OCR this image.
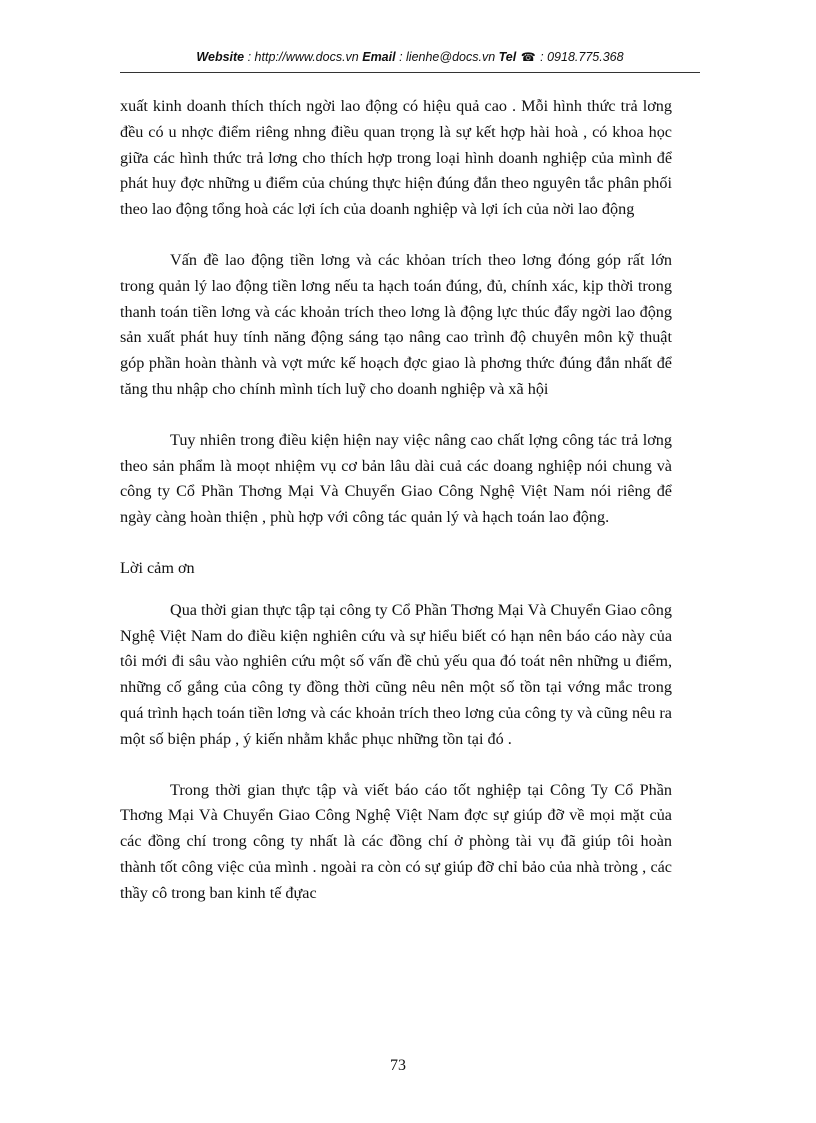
Website : http://www.docs.vn Email : lienhe@docs.vn Tel ☎ : 0918.775.368

xuất kinh doanh thích thích ngời lao động có hiệu quả cao . Mỗi hình thức trả lơng đều có u nhợc điểm riêng nhng điều quan trọng là sự kết hợp hài hoà , có khoa học giữa các hình thức trả lơng cho thích hợp trong loại hình doanh nghiệp của mình để phát huy đợc những u điểm của chúng thực hiện đúng đắn theo nguyên tắc phân phối theo lao động tổng hoà các lợi ích của doanh nghiệp và lợi ích của nời lao động

Vấn đề lao động tiền lơng và các khỏan trích theo lơng đóng góp rất lớn trong quản lý lao động tiền lơng nếu ta hạch toán đúng, đủ, chính xác, kịp thời trong thanh toán tiền lơng và các khoản trích theo lơng là động lực thúc đẩy ngời lao động sản xuất phát huy tính năng động sáng tạo nâng cao trình độ chuyên môn kỹ thuật góp phần hoàn thành và vợt mức kế hoạch đợc giao là phơng thức đúng đắn nhất để tăng thu nhập cho chính mình tích luỹ cho doanh nghiệp và xã hội

Tuy nhiên trong điều kiện hiện nay việc nâng cao chất lợng công tác trả lơng theo sản phẩm là moọt nhiệm vụ cơ bản lâu dài cuả các doang nghiệp nói chung và công ty Cổ Phần Thơng Mại Và Chuyển Giao Công Nghệ Việt Nam nói riêng để ngày càng hoàn thiện , phù hợp với công tác quản lý và hạch toán lao động.

Lời cảm ơn

Qua thời gian thực tập tại công ty Cổ Phần Thơng Mại Và Chuyển Giao công Nghệ Việt Nam do điều kiện nghiên cứu và sự hiểu biết có hạn nên báo cáo này của tôi mới đi sâu vào nghiên cứu một số vấn đề chủ yếu qua đó toát nên những u điểm, những cố gắng của công ty đồng thời cũng nêu nên một số tồn tại vớng mắc trong quá trình hạch toán tiền lơng và các khoản trích theo lơng của công ty và cũng nêu ra một số biện pháp , ý kiến nhằm khắc phục những tồn tại đó .

Trong thời gian thực tập và viết báo cáo tốt nghiệp tại Công Ty Cổ Phần Thơng Mại Và Chuyển Giao Công Nghệ Việt Nam đợc sự giúp đỡ về mọi mặt của các đồng chí trong công ty nhất là các đồng chí ở phòng tài vụ đã giúp tôi hoàn thành tốt công việc của mình . ngoài ra còn có sự giúp đỡ chỉ bảo của nhà tròng , các thầy cô trong ban kinh tế đựac

73
